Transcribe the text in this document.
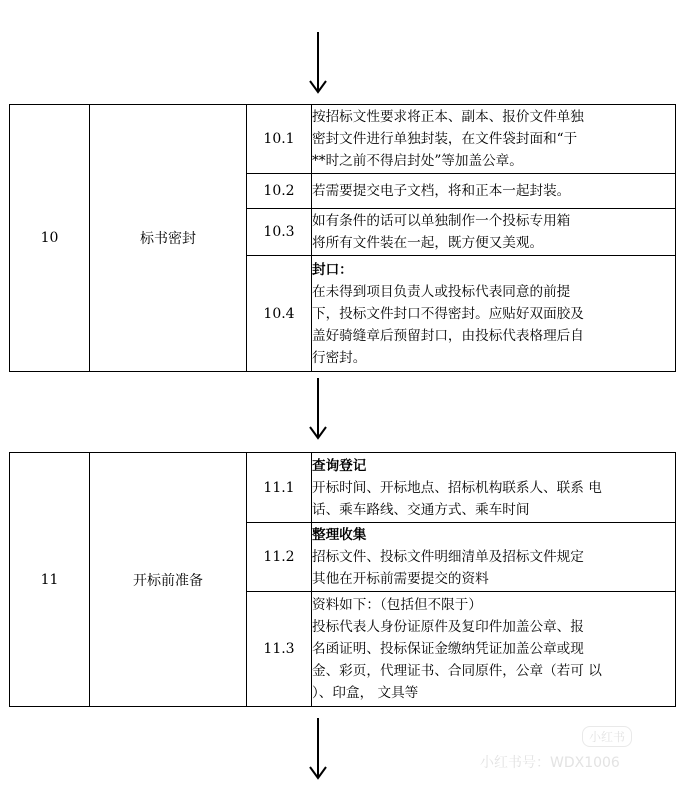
10	标书密封	10.1	按招标文性要求将正本、副本、报价文件单独
密封文件进行单独封装，在文件袋封面和“于
**时之前不得启封处”等加盖公章。

		10.2	若需要提交电子文档，将和正本一起封装。

		10.3	如有条件的话可以单独制作一个投标专用箱
将所有文件装在一起，既方便又美观。

		10.4	封口：
在未得到项目负责人或投标代表同意的前提
下，投标文件封口不得密封。应贴好双面胶及
盖好骑缝章后预留封口，由投标代表格理后自
行密封。
11	开标前准备	11.1	查询登记
开标时间、开标地点、招标机构联系人、联系 电
话、乘车路线、交通方式、乘车时间

		11.2	整理收集
招标文件、投标文件明细清单及招标文件规定
其他在开标前需要提交的资料

		11.3	资料如下：（包括但不限于）
投标代表人身份证原件及复印件加盖公章、报
名函证明、投标保证金缴纳凭证加盖公章或现
金、彩页，代理证书、合同原件，公章（若可 以
）、印盒， 文具等
小红书
小红书号：WDX1006
